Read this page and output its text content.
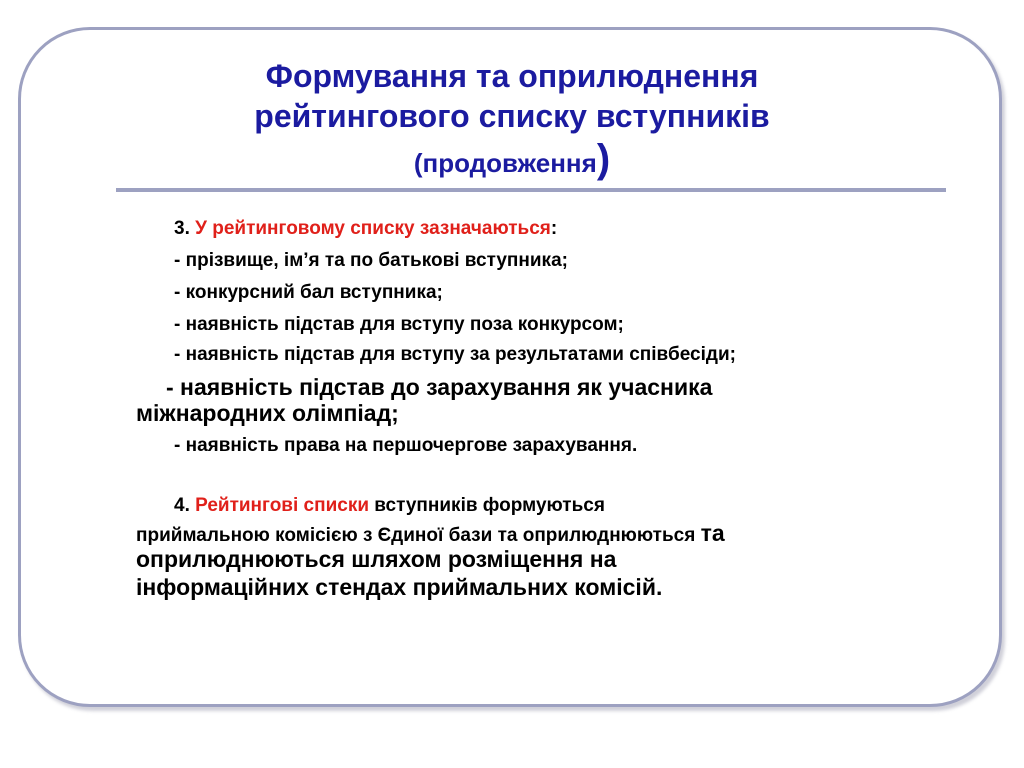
Формування та оприлюднення
рейтингового списку вступників
(продовження)

3. У рейтинговому списку зазначаються:

- прізвище, ім’я та по батькові вступника;

- конкурсний бал вступника;

- наявність підстав для вступу поза конкурсом;

- наявність підстав для вступу за результатами співбесіди;

- наявність підстав до зарахування як учасника

міжнародних олімпіад;

- наявність права на першочергове зарахування.

4. Рейтингові списки вступників формуються

приймальною комісією з Єдиної бази та оприлюднюються та

оприлюднюються шляхом розміщення на

інформаційних стендах приймальних комісій.
